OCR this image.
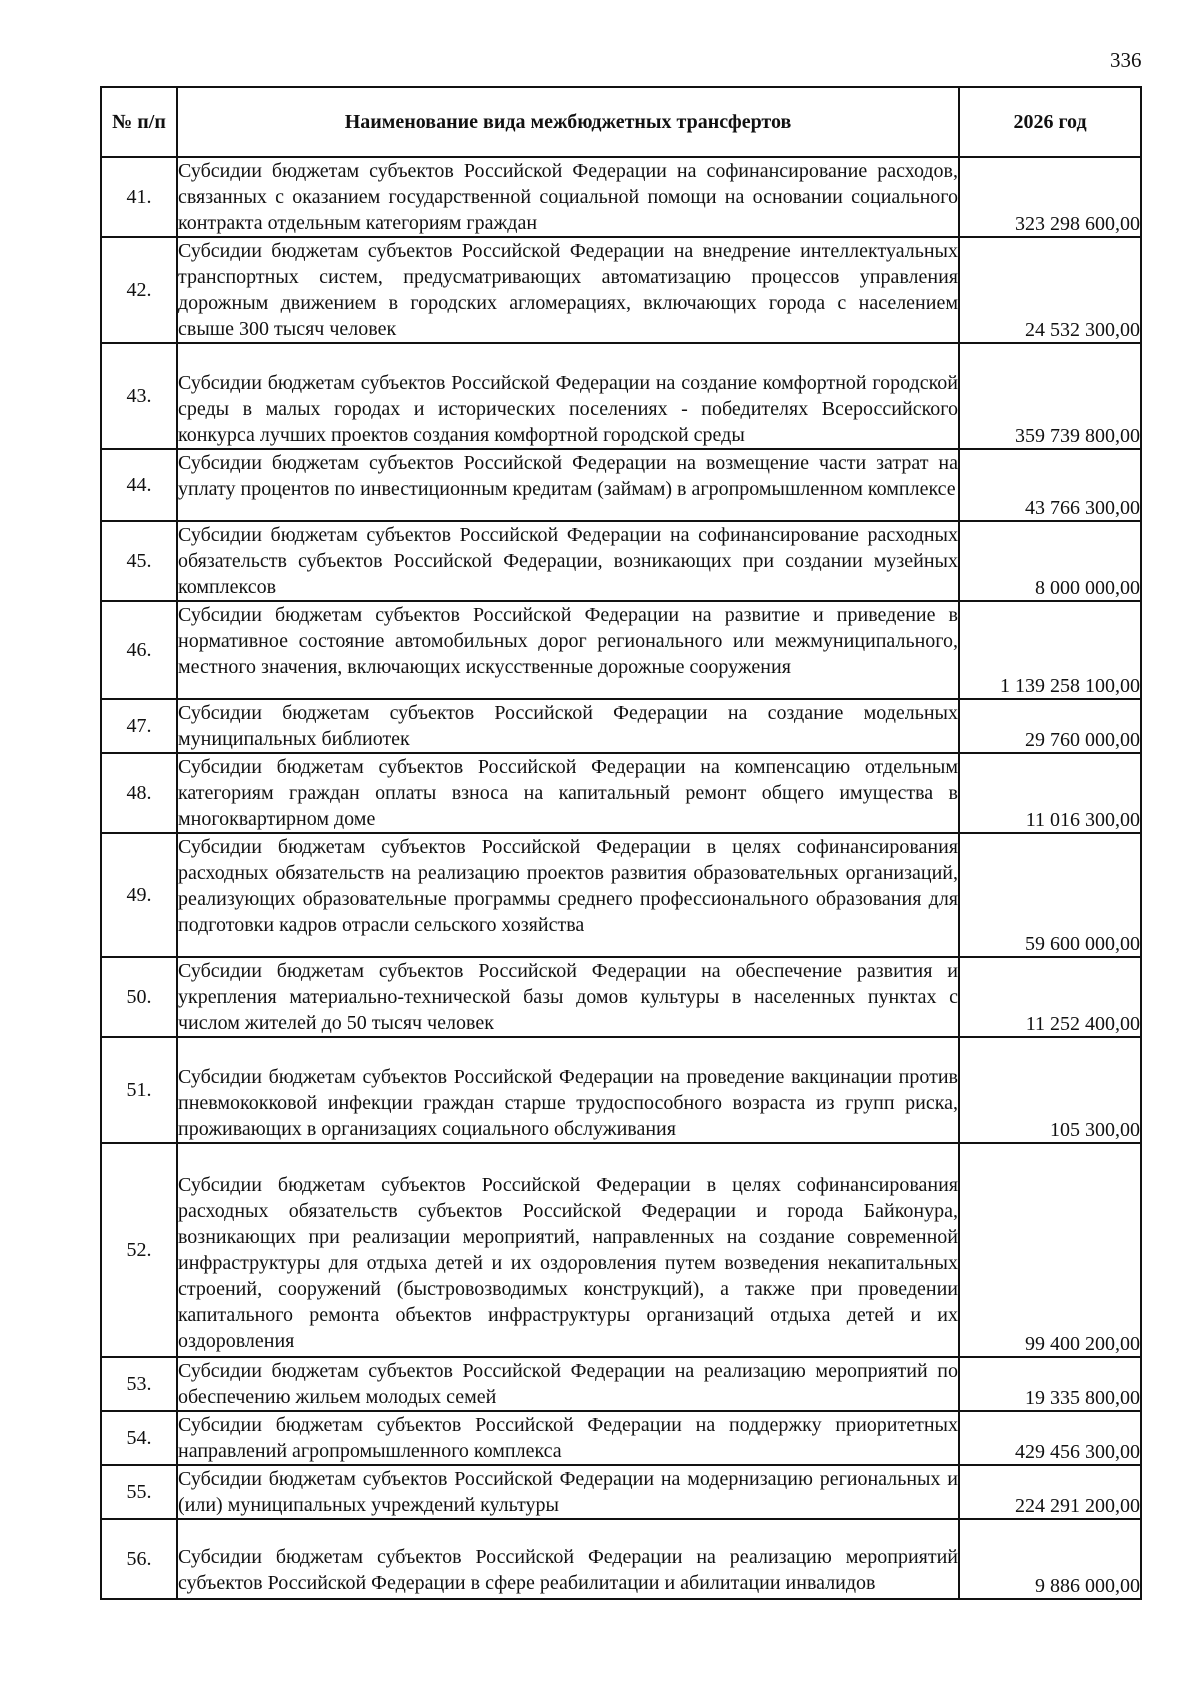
336
№ п/п	Наименование вида межбюджетных трансфертов	2026 год
41.	Субсидии бюджетам субъектов Российской Федерации на софинансирование расходов, связанных с оказанием государственной социальной помощи на основании социального контракта отдельным категориям граждан	323 298 600,00
42.	Субсидии бюджетам субъектов Российской Федерации на внедрение интеллектуальных транспортных систем, предусматривающих автоматизацию процессов управления дорожным движением в городских агломерациях, включающих города с населением свыше 300 тысяч человек	24 532 300,00
43.	Субсидии бюджетам субъектов Российской Федерации на создание комфортной городской среды в малых городах и исторических поселениях - победителях Всероссийского конкурса лучших проектов создания комфортной городской среды	359 739 800,00
44.	Субсидии бюджетам субъектов Российской Федерации на возмещение части затрат на уплату процентов по инвестиционным кредитам (займам) в агропромышленном комплексе	43 766 300,00
45.	Субсидии бюджетам субъектов Российской Федерации на софинансирование расходных обязательств субъектов Российской Федерации, возникающих при создании музейных комплексов	8 000 000,00
46.	Субсидии бюджетам субъектов Российской Федерации на развитие и приведение в нормативное состояние автомобильных дорог регионального или межмуниципального, местного значения, включающих искусственные дорожные сооружения	1 139 258 100,00
47.	Субсидии бюджетам субъектов Российской Федерации на создание модельных муниципальных библиотек	29 760 000,00
48.	Субсидии бюджетам субъектов Российской Федерации на компенсацию отдельным категориям граждан оплаты взноса на капитальный ремонт общего имущества в многоквартирном доме	11 016 300,00
49.	Субсидии бюджетам субъектов Российской Федерации в целях софинансирования расходных обязательств на реализацию проектов развития образовательных организаций, реализующих образовательные программы среднего профессионального образования для подготовки кадров отрасли сельского хозяйства	59 600 000,00
50.	Субсидии бюджетам субъектов Российской Федерации на обеспечение развития и укрепления материально-технической базы домов культуры в населенных пунктах с числом жителей до 50 тысяч человек	11 252 400,00
51.	Субсидии бюджетам субъектов Российской Федерации на проведение вакцинации против пневмококковой инфекции граждан старше трудоспособного возраста из групп риска, проживающих в организациях социального обслуживания	105 300,00
52.	Субсидии бюджетам субъектов Российской Федерации в целях софинансирования расходных обязательств субъектов Российской Федерации и города Байконура, возникающих при реализации мероприятий, направленных на создание современной инфраструктуры для отдыха детей и их оздоровления путем возведения некапитальных строений, сооружений (быстровозводимых конструкций), а также при проведении капитального ремонта объектов инфраструктуры организаций отдыха детей и их оздоровления	99 400 200,00
53.	Субсидии бюджетам субъектов Российской Федерации на реализацию мероприятий по обеспечению жильем молодых семей	19 335 800,00
54.	Субсидии бюджетам субъектов Российской Федерации на поддержку приоритетных направлений агропромышленного комплекса	429 456 300,00
55.	Субсидии бюджетам субъектов Российской Федерации на модернизацию региональных и (или) муниципальных учреждений культуры	224 291 200,00
56.	Субсидии бюджетам субъектов Российской Федерации на реализацию мероприятий субъектов Российской Федерации в сфере реабилитации и абилитации инвалидов	9 886 000,00
